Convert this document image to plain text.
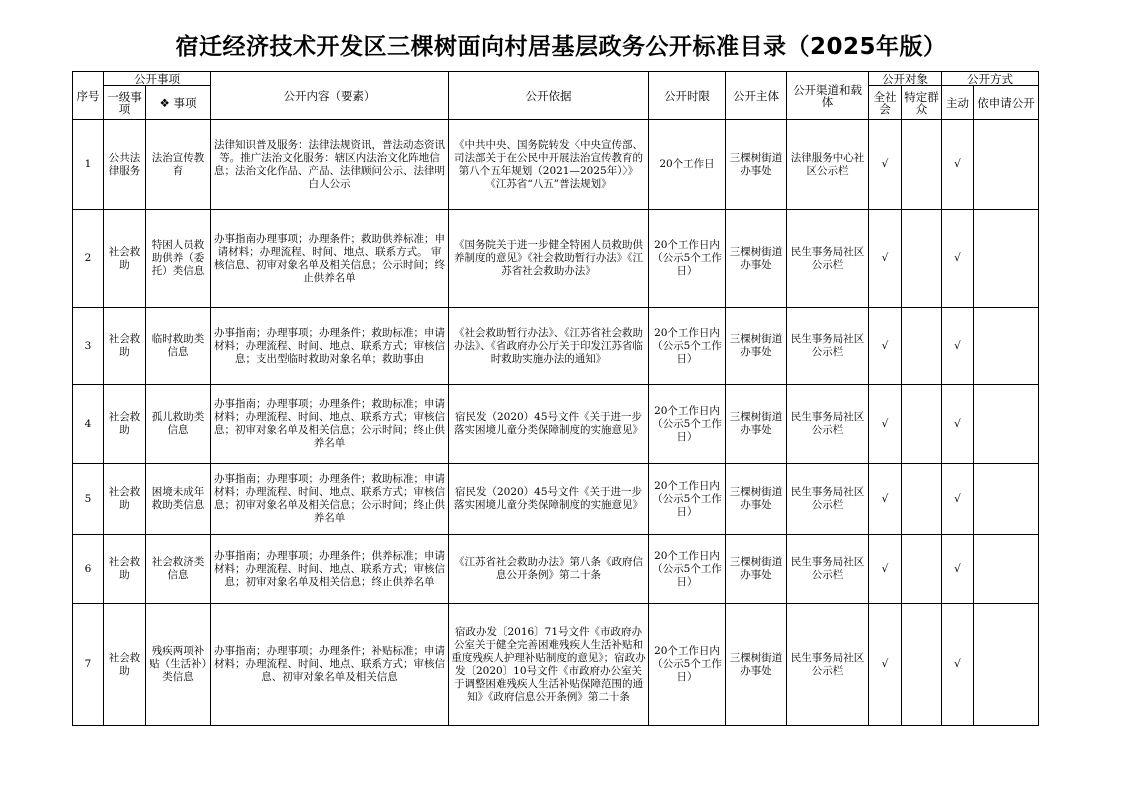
宿迁经济技术开发区三棵树面向村居基层政务公开标准目录（2025年版）
序号	公开事项		公开内容（要素）	公开依据	公开时限	公开主体	公开渠道和载体	公开对象		公开方式	
	一级事项	❖ 事项						全社会	特定群众	主动	依申请公开
1	公共法律服务	法治宣传教育	法律知识普及服务：法律法规资讯，普法动态资讯等。推广法治文化服务：辖区内法治文化阵地信息；法治文化作品、产品、法律顾问公示、法律明白人公示	《中共中央、国务院转发〈中央宣传部、司法部关于在公民中开展法治宣传教育的第八个五年规划（2021—2025年）〉》《江苏省“八五”普法规划》	20个工作日	三棵树街道办事处	法律服务中心社区公示栏	√		√	
2	社会救助	特困人员救助供养（委托）类信息	办事指南办理事项；办理条件；救助供养标准；申请材料；办理流程、时间、地点、联系方式。 审核信息、初审对象名单及相关信息；公示时间；终止供养名单	《国务院关于进一步健全特困人员救助供养制度的意见》《社会救助暂行办法》《江苏省社会救助办法》	20个工作日内（公示5个工作日）	三棵树街道办事处	民生事务局社区公示栏	√		√	
3	社会救助	临时救助类信息	办事指南；办理事项；办理条件；救助标准；申请材料；办理流程、时间、地点、联系方式；审核信息；支出型临时救助对象名单；救助事由	《社会救助暂行办法》、《江苏省社会救助办法》、《省政府办公厅关于印发江苏省临时救助实施办法的通知》	20个工作日内（公示5个工作日）	三棵树街道办事处	民生事务局社区公示栏	√		√	
4	社会救助	孤儿救助类信息	办事指南；办理事项；办理条件；救助标准；申请材料；办理流程、时间、地点、联系方式；审核信息；初审对象名单及相关信息；公示时间；终止供养名单	宿民发（2020）45号文件《关于进一步落实困境儿童分类保障制度的实施意见》	20个工作日内（公示5个工作日）	三棵树街道办事处	民生事务局社区公示栏	√		√	
5	社会救助	困境未成年救助类信息	办事指南；办理事项；办理条件；救助标准；申请材料；办理流程、时间、地点、联系方式；审核信息；初审对象名单及相关信息；公示时间；终止供养名单	宿民发（2020）45号文件《关于进一步落实困境儿童分类保障制度的实施意见》	20个工作日内（公示5个工作日）	三棵树街道办事处	民生事务局社区公示栏	√		√	
6	社会救助	社会救济类信息	办事指南；办理事项；办理条件；供养标准；申请材料；办理流程、时间、地点、联系方式；审核信息；初审对象名单及相关信息；终止供养名单	《江苏省社会救助办法》第八条《政府信息公开条例》第二十条	20个工作日内（公示5个工作日）	三棵树街道办事处	民生事务局社区公示栏	√		√	
7	社会救助	残疾两项补贴（生活补）类信息	办事指南；办理事项；办理条件；补贴标准；申请材料；办理流程、时间、地点、联系方式；审核信息、初审对象名单及相关信息	宿政办发〔2016〕71号文件《市政府办公室关于健全完善困难残疾人生活补贴和重度残疾人护理补贴制度的意见》；宿政办发〔2020〕10号文件《市政府办公室关于调整困难残疾人生活补贴保障范围的通知》《政府信息公开条例》第二十条	20个工作日内（公示5个工作日）	三棵树街道办事处	民生事务局社区公示栏	√		√	
